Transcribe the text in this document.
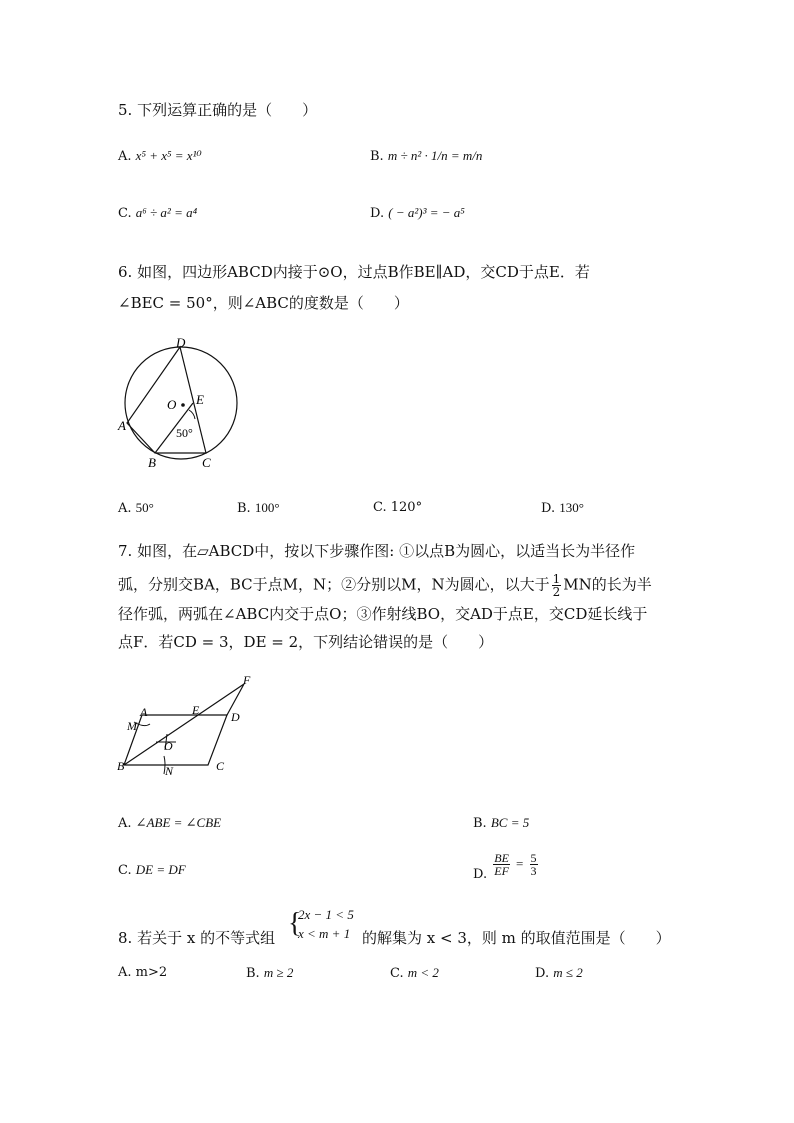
5. 下列运算正确的是（　　）
A. x⁵ + x⁵ = x¹⁰	B. m ÷ n² · 1/n = m/n
C. a⁶ ÷ a² = a⁴	D. ( − a²)³ = − a⁵
6. 如图，四边形ABCD内接于⊙O，过点B作BE∥AD，交CD于点E．若
∠BEC = 50°，则∠ABC的度数是（　　）
D
O E
A
B	C
50°
A. 50°	B. 100°	C. 120°	D. 130°
7. 如图，在▱ABCD中，按以下步骤作图: ①以点B为圆心，以适当长为半径作
弧，分别交BA，BC于点M，N；②分别以M，N为圆心，以大于 $\frac{1}{2}$ MN的长为半
径作弧，两弧在∠ABC内交于点O；③作射线BO，交AD于点E，交CD延长线于
点F．若CD = 3，DE = 2，下列结论错误的是（　　）
A	E	D
F
M
O
B	N	C
A. ∠ABE = ∠CBE	B. BC = 5
C. DE = DF	D. $\frac{BE}{EF} = \frac{5}{3}$
8. 若关于 x 的不等式组 {
2x − 1 < 5
x < m + 1 的解集为 x < 3，则 m 的取值范围是（　　）
A. m>2	B. m ≥ 2	C. m < 2	D. m ≤ 2
